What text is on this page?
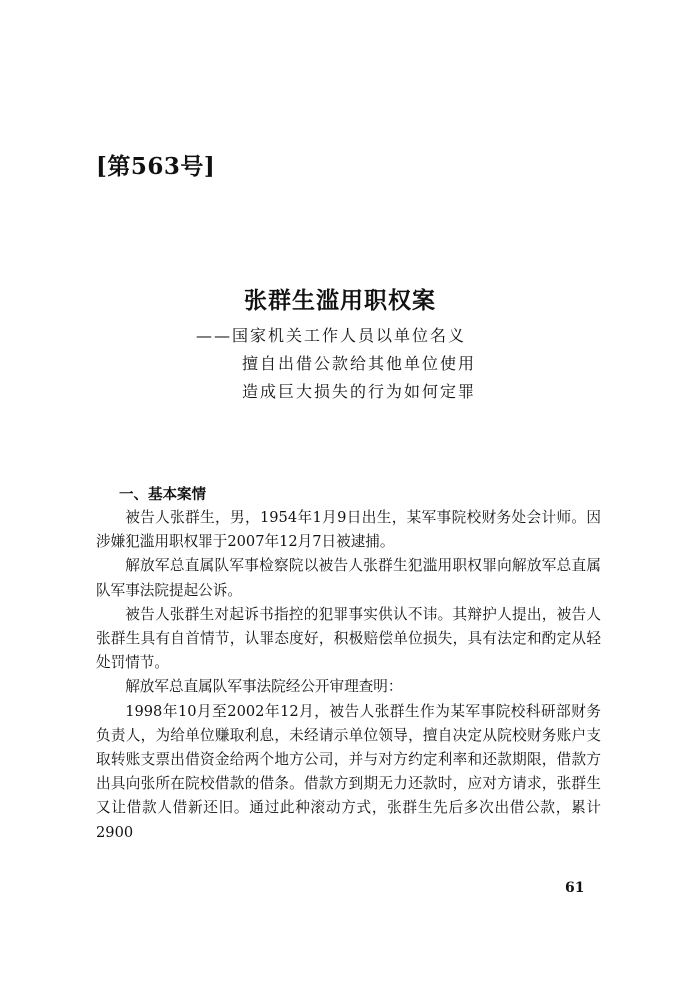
[第563号]
张群生滥用职权案
——国家机关工作人员以单位名义
擅自出借公款给其他单位使用
造成巨大损失的行为如何定罪
一、基本案情

被告人张群生，男，1954年1月9日出生，某军事院校财务处会计师。因涉嫌犯滥用职权罪于2007年12月7日被逮捕。

解放军总直属队军事检察院以被告人张群生犯滥用职权罪向解放军总直属队军事法院提起公诉。

被告人张群生对起诉书指控的犯罪事实供认不讳。其辩护人提出，被告人张群生具有自首情节，认罪态度好，积极赔偿单位损失，具有法定和酌定从轻处罚情节。

解放军总直属队军事法院经公开审理查明：

1998年10月至2002年12月，被告人张群生作为某军事院校科研部财务负责人，为给单位赚取利息，未经请示单位领导，擅自决定从院校财务账户支取转账支票出借资金给两个地方公司，并与对方约定利率和还款期限，借款方出具向张所在院校借款的借条。借款方到期无力还款时，应对方请求，张群生又让借款人借新还旧。通过此种滚动方式，张群生先后多次出借公款，累计2900

61
